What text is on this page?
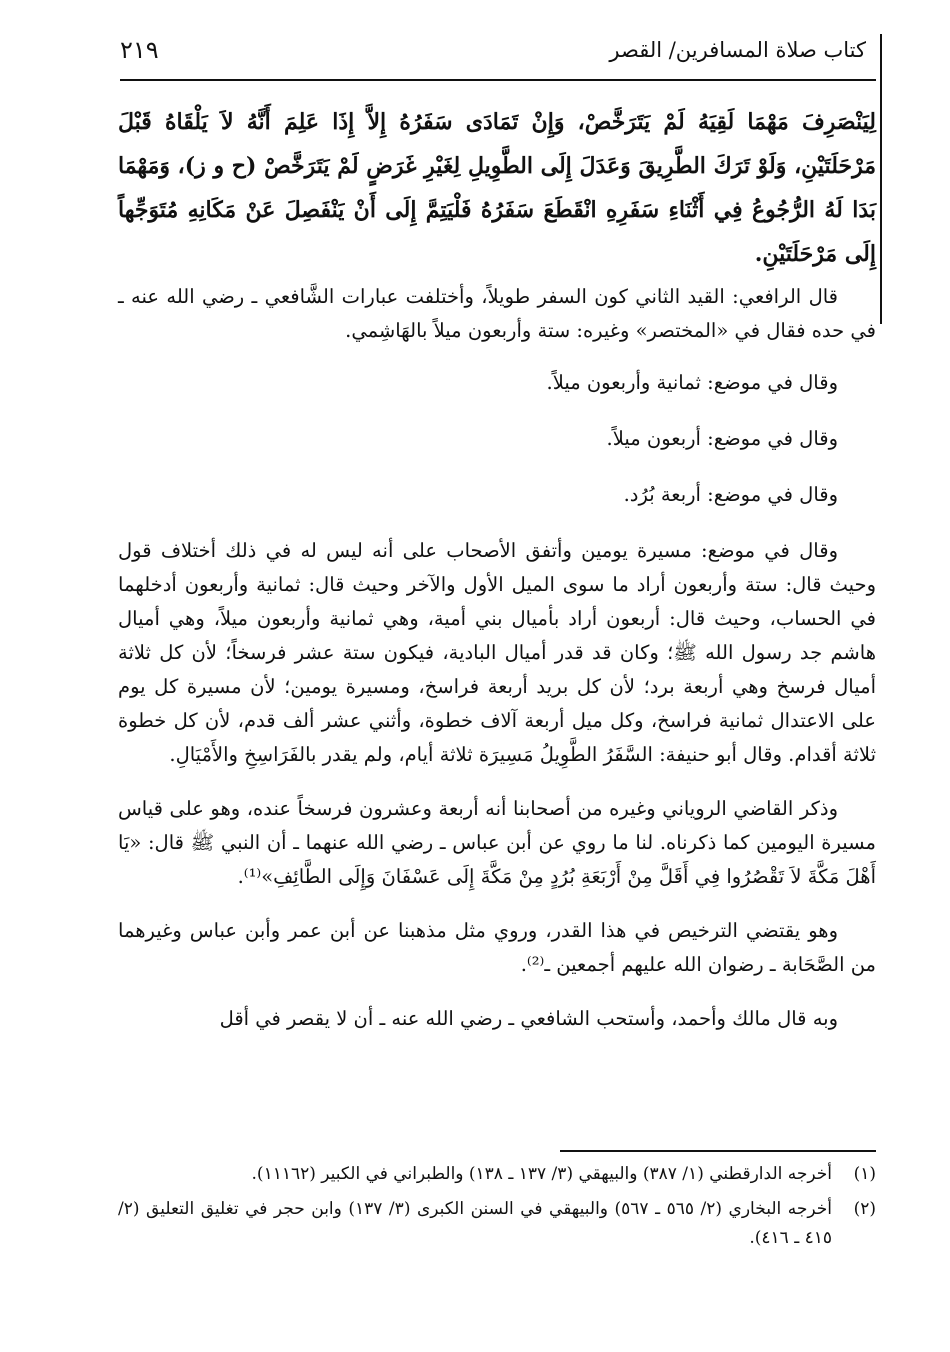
كتاب صلاة المسافرين/ القصر
٢١٩

لِيَنْصَرِفَ مَهْمَا لَقِيَهُ لَمْ يَتَرَخَّصْ، وَإِنْ تَمَادَى سَفَرُهُ إِلاَّ إِذَا عَلِمَ أَنَّهُ لاَ يَلْقَاهُ قَبْلَ مَرْحَلَتَيْنِ، وَلَوْ تَرَكَ الطَّرِيقَ وَعَدَلَ إِلَى الطَّوِيلِ لِغَيْرِ غَرَضٍ لَمْ يَتَرَخَّصْ (ح و ز)، وَمَهْمَا بَدَا لَهُ الرُّجُوعُ فِي أَثْنَاءِ سَفَرِهِ انْقَطَعَ سَفَرُهُ فَلْيَتِمَّ إِلَى أَنْ يَنْفَصِلَ عَنْ مَكَانِهِ مُتَوَجِّهاً إِلَى مَرْحَلَتَيْنِ.

قال الرافعي: القيد الثاني كون السفر طويلاً، وأختلفت عبارات الشَّافعي ـ رضي الله عنه ـ في حده فقال في «المختصر» وغيره: ستة وأربعون ميلاً بالهَاشِمي.

وقال في موضع: ثمانية وأربعون ميلاً.

وقال في موضع: أربعون ميلاً.

وقال في موضع: أربعة بُرُد.

وقال في موضع: مسيرة يومين وأتفق الأصحاب على أنه ليس له في ذلك أختلاف قول وحيث قال: ستة وأربعون أراد ما سوى الميل الأول والآخر وحيث قال: ثمانية وأربعون أدخلهما في الحساب، وحيث قال: أربعون أراد بأميال بني أمية، وهي ثمانية وأربعون ميلاً، وهي أميال هاشم جد رسول الله ﷺ؛ وكان قد قدر أميال البادية، فيكون ستة عشر فرسخاً؛ لأن كل ثلاثة أميال فرسخ وهي أربعة برد؛ لأن كل بريد أربعة فراسخ، ومسيرة يومين؛ لأن مسيرة كل يوم على الاعتدال ثمانية فراسخ، وكل ميل أربعة آلاف خطوة، وأثني عشر ألف قدم، لأن كل خطوة ثلاثة أقدام. وقال أبو حنيفة: السَّفَرُ الطَّوِيلُ مَسِيرَة ثلاثة أيام، ولم يقدر بالفَرَاسِخِ والأَمْيَالِ.

وذكر القاضي الروياني وغيره من أصحابنا أنه أربعة وعشرون فرسخاً عنده، وهو على قياس مسيرة اليومين كما ذكرناه. لنا ما روي عن أبن عباس ـ رضي الله عنهما ـ أن النبي ﷺ قال: «يَا أَهْلَ مَكَّةَ لاَ تَقْصُرُوا فِي أَقَلَّ مِنْ أَرْبَعَةِ بُرُدٍ مِنْ مَكَّةَ إِلَى عَسْفَانَ وَإِلَى الطَّائِفِ»⁽¹⁾.

وهو يقتضي الترخيص في هذا القدر، وروي مثل مذهبنا عن أبن عمر وأبن عباس وغيرهما من الصَّحَابة ـ رضوان الله عليهم أجمعين ـ⁽²⁾.

وبه قال مالك وأحمد، وأستحب الشافعي ـ رضي الله عنه ـ أن لا يقصر في أقل

(١)
أخرجه الدارقطني (١/ ٣٨٧) والبيهقي (٣/ ١٣٧ ـ ١٣٨) والطبراني في الكبير (١١١٦٢).
(٢)
أخرجه البخاري (٢/ ٥٦٥ ـ ٥٦٧) والبيهقي في السنن الكبرى (٣/ ١٣٧) وابن حجر في تغليق التعليق (٢/ ٤١٥ ـ ٤١٦).
